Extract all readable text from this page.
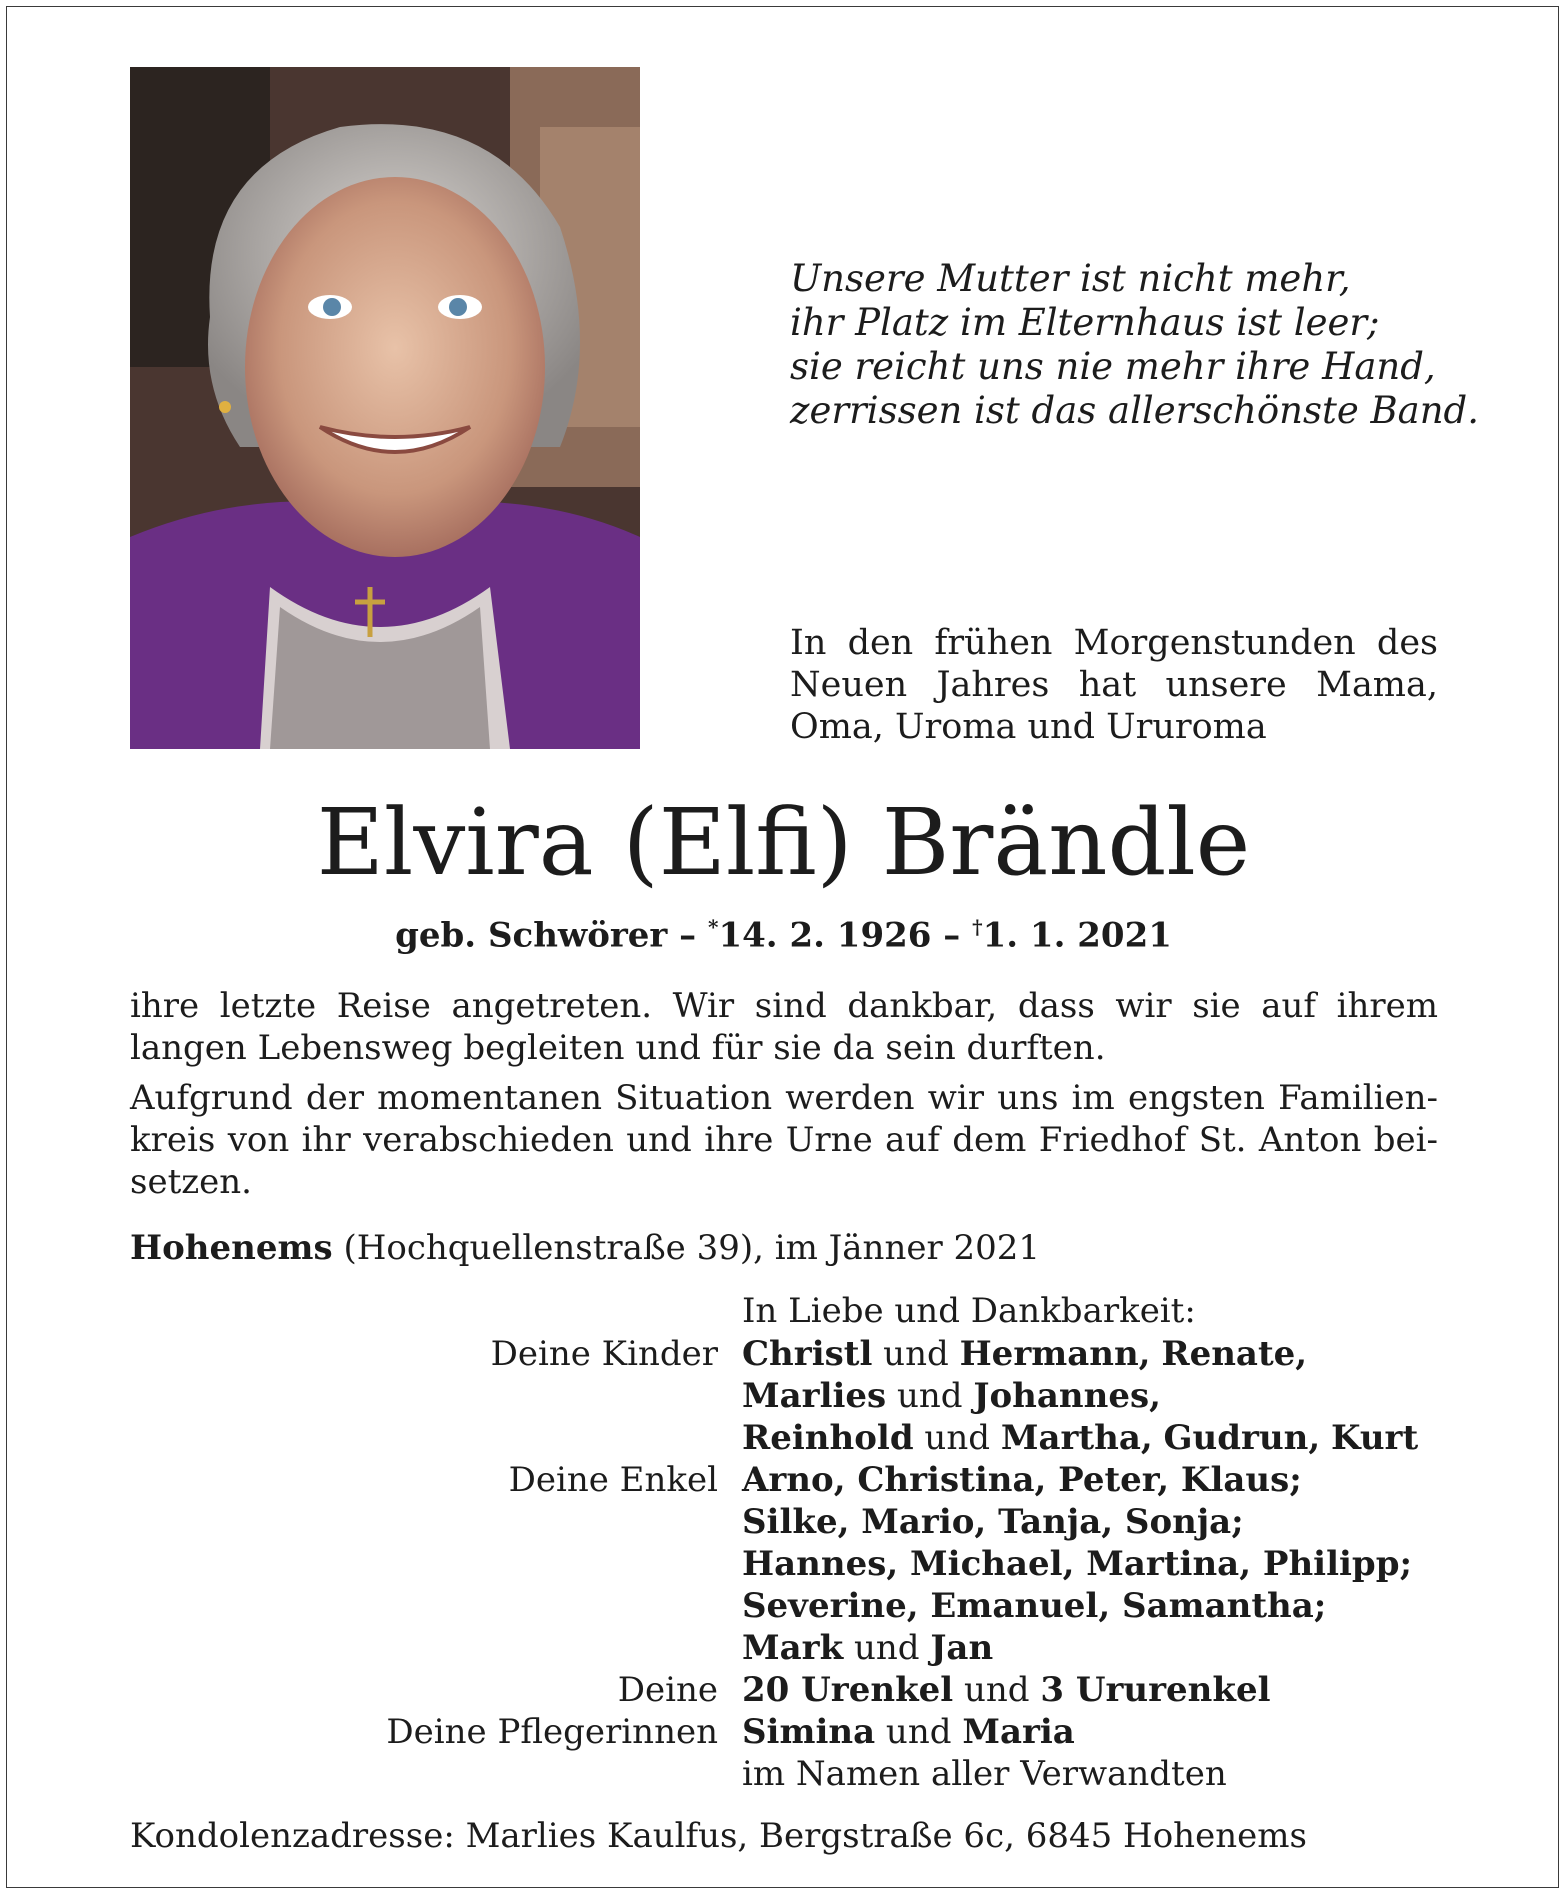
Unsere Mutter ist nicht mehr,
ihr Platz im Elternhaus ist leer;
sie reicht uns nie mehr ihre Hand,
zerrissen ist das allerschönste Band.
In den frühen Morgenstunden des Neuen Jahres hat unsere Mama, Oma, Uroma und Ururoma
Elvira (Elfi) Brändle
geb. Schwörer – *14. 2. 1926 – †1. 1. 2021

ihre letzte Reise angetreten. Wir sind dankbar, dass wir sie auf ihrem langen Lebensweg begleiten und für sie da sein durften.

Aufgrund der momentanen Situation werden wir uns im engsten Familien-kreis von ihr verabschieden und ihre Urne auf dem Friedhof St. Anton bei-setzen.

Hohenems (Hochquellenstraße 39), im Jänner 2021
In Liebe und Dankbarkeit:
Deine Kinder Christl und Hermann, Renate,
Marlies und Johannes,
Reinhold und Martha, Gudrun, Kurt
Deine Enkel Arno, Christina, Peter, Klaus;
Silke, Mario, Tanja, Sonja;
Hannes, Michael, Martina, Philipp;
Severine, Emanuel, Samantha;
Mark und Jan
Deine 20 Urenkel und 3 Ururenkel
Deine Pflegerinnen Simina und Maria
im Namen aller Verwandten
Kondolenzadresse: Marlies Kaulfus, Bergstraße 6c, 6845 Hohenems
